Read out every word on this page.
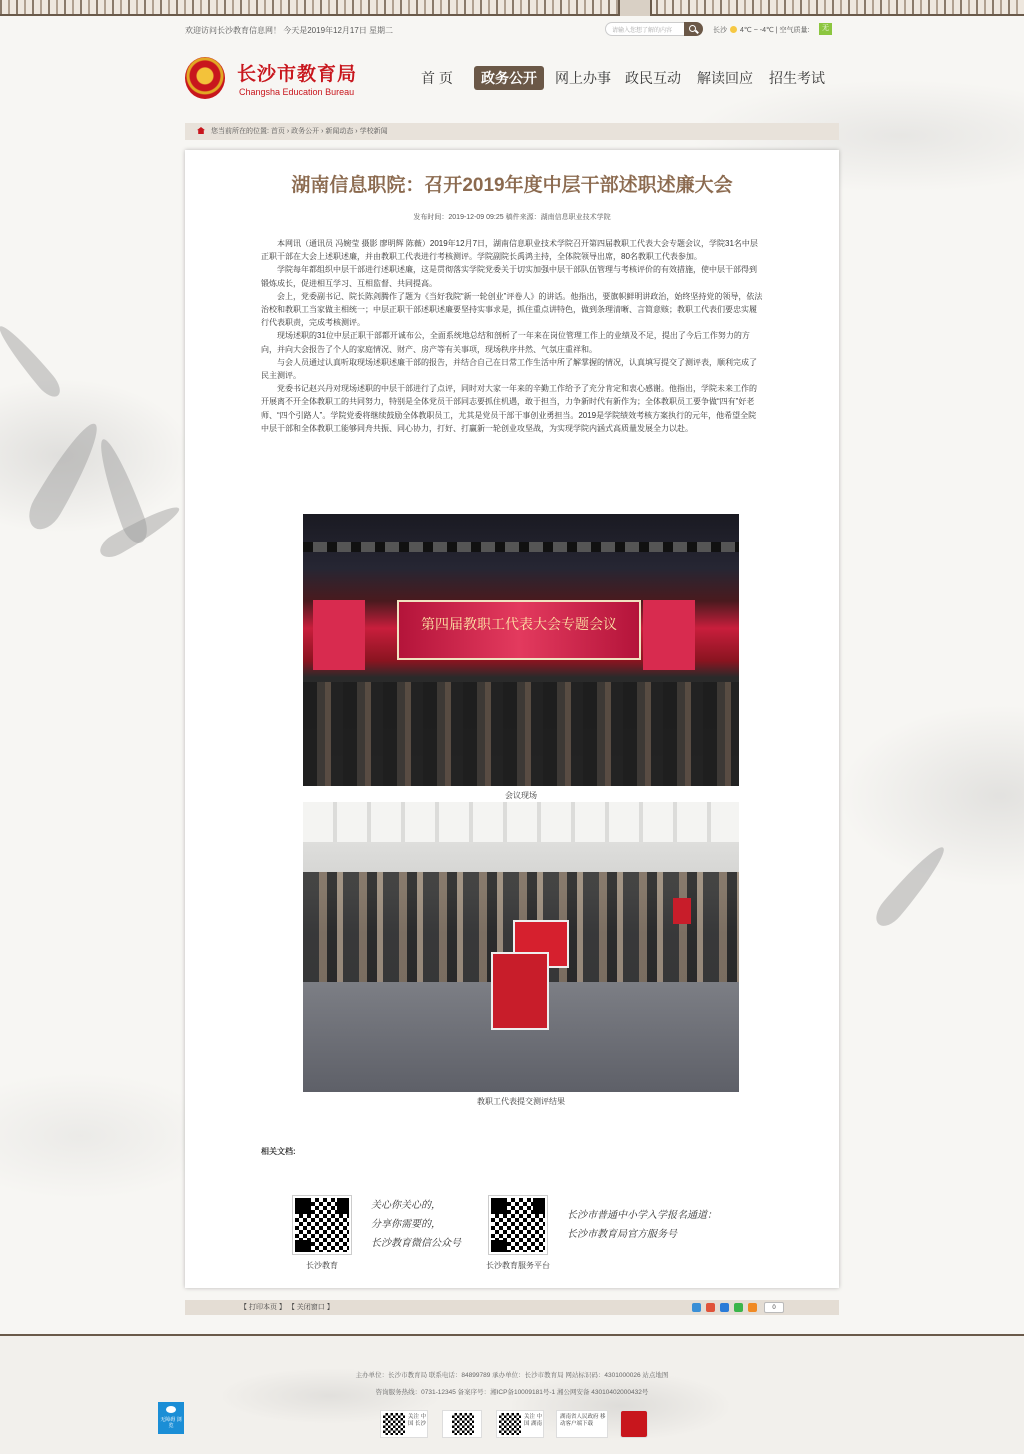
欢迎访问长沙教育信息网！ 今天是2019年12月17日 星期二	请输入您想了解的内容	长沙 4℃ ~ -4℃ | 空气质量:	无
长沙市教育局
Changsha Education Bureau
首 页	政务公开	网上办事 政民互动 解读回应 招生考试
您当前所在的位置: 首页 › 政务公开 › 新闻动态 › 学校新闻
湖南信息职院：召开2019年度中层干部述职述廉大会
发布时间：2019-12-09 09:25 稿件来源：湖南信息职业技术学院

本网讯（通讯员 冯婉莹 摄影 廖明辉 陈薇）2019年12月7日，湖南信息职业技术学院召开第四届教职工代表大会专题会议，学院31名中层正职干部在大会上述职述廉，并由教职工代表进行考核测评。学院副院长禹鸿主持，全体院领导出席，80名教职工代表参加。

学院每年都组织中层干部进行述职述廉，这是贯彻落实学院党委关于切实加强中层干部队伍管理与考核评价的有效措施，使中层干部得到锻炼成长，促进相互学习、互相监督、共同提高。

会上，党委副书记、院长陈剑腾作了题为《当好我院“新一轮创业”评卷人》的讲话。他指出，要旗帜鲜明讲政治，始终坚持党的领导，依法治校和教职工当家做主相统一；中层正职干部述职述廉要坚持实事求是，抓住重点讲特色，做到条理清晰、言简意赅；教职工代表们要忠实履行代表职责，完成考核测评。

现场述职的31位中层正职干部都开诚布公，全面系统地总结和剖析了一年来在岗位管理工作上的业绩及不足，提出了今后工作努力的方向，并向大会报告了个人的家庭情况、财产、房产等有关事项，现场秩序井然、气氛庄重祥和。

与会人员通过认真听取现场述职述廉干部的报告，并结合自己在日常工作生活中所了解掌握的情况，认真填写提交了测评表，顺利完成了民主测评。

党委书记赵兴丹对现场述职的中层干部进行了点评，同时对大家一年来的辛勤工作给予了充分肯定和衷心感谢。他指出，学院未来工作的开展离不开全体教职工的共同努力，特别是全体党员干部同志要抓住机遇，敢于担当，力争新时代有新作为；全体教职员工要争做“四有”好老师、“四个引路人”。学院党委将继续鼓励全体教职员工，尤其是党员干部干事创业勇担当。2019是学院绩效考核方案执行的元年，他希望全院中层干部和全体教职工能够同舟共振、同心协力，打好、打赢新一轮创业攻坚战，为实现学院内涵式高质量发展全力以赴。

第四届教职工代表大会专题会议
会议现场
教职工代表提交测评结果
相关文档:
长沙教育
关心你关心的，
分享你需要的，
长沙教育微信公众号
长沙教育服务平台
长沙市普通中小学入学报名通道：
长沙市教育局官方服务号
【 打印本页 】 【 关闭窗口 】	0
主办单位：长沙市教育局 联系电话：84899789 承办单位：长沙市教育局 网站标识码：4301000026 站点地图
咨询服务热线：0731-12345 备案序号：湘ICP备10009181号-1 湘公网安备 43010402000432号
无障碍 浏览
关注 中国 长沙
关注 中国 湖南
湖南省人民政府 移动客户端下载
